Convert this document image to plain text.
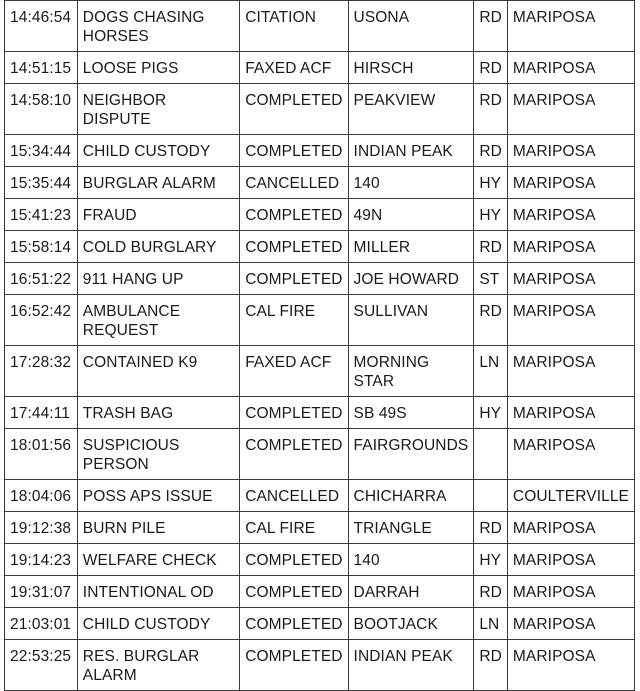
14:46:54	DOGS CHASING HORSES	CITATION	USONA	RD	MARIPOSA
14:51:15	LOOSE PIGS	FAXED ACF	HIRSCH	RD	MARIPOSA
14:58:10	NEIGHBOR DISPUTE	COMPLETED	PEAKVIEW	RD	MARIPOSA
15:34:44	CHILD CUSTODY	COMPLETED	INDIAN PEAK	RD	MARIPOSA
15:35:44	BURGLAR ALARM	CANCELLED	140	HY	MARIPOSA
15:41:23	FRAUD	COMPLETED	49N	HY	MARIPOSA
15:58:14	COLD BURGLARY	COMPLETED	MILLER	RD	MARIPOSA
16:51:22	911 HANG UP	COMPLETED	JOE HOWARD	ST	MARIPOSA
16:52:42	AMBULANCE REQUEST	CAL FIRE	SULLIVAN	RD	MARIPOSA
17:28:32	CONTAINED K9	FAXED ACF	MORNING STAR	LN	MARIPOSA
17:44:11	TRASH BAG	COMPLETED	SB 49S	HY	MARIPOSA
18:01:56	SUSPICIOUS PERSON	COMPLETED	FAIRGROUNDS		MARIPOSA
18:04:06	POSS APS ISSUE	CANCELLED	CHICHARRA		COULTERVILLE
19:12:38	BURN PILE	CAL FIRE	TRIANGLE	RD	MARIPOSA
19:14:23	WELFARE CHECK	COMPLETED	140	HY	MARIPOSA
19:31:07	INTENTIONAL OD	COMPLETED	DARRAH	RD	MARIPOSA
21:03:01	CHILD CUSTODY	COMPLETED	BOOTJACK	LN	MARIPOSA
22:53:25	RES. BURGLAR ALARM	COMPLETED	INDIAN PEAK	RD	MARIPOSA
